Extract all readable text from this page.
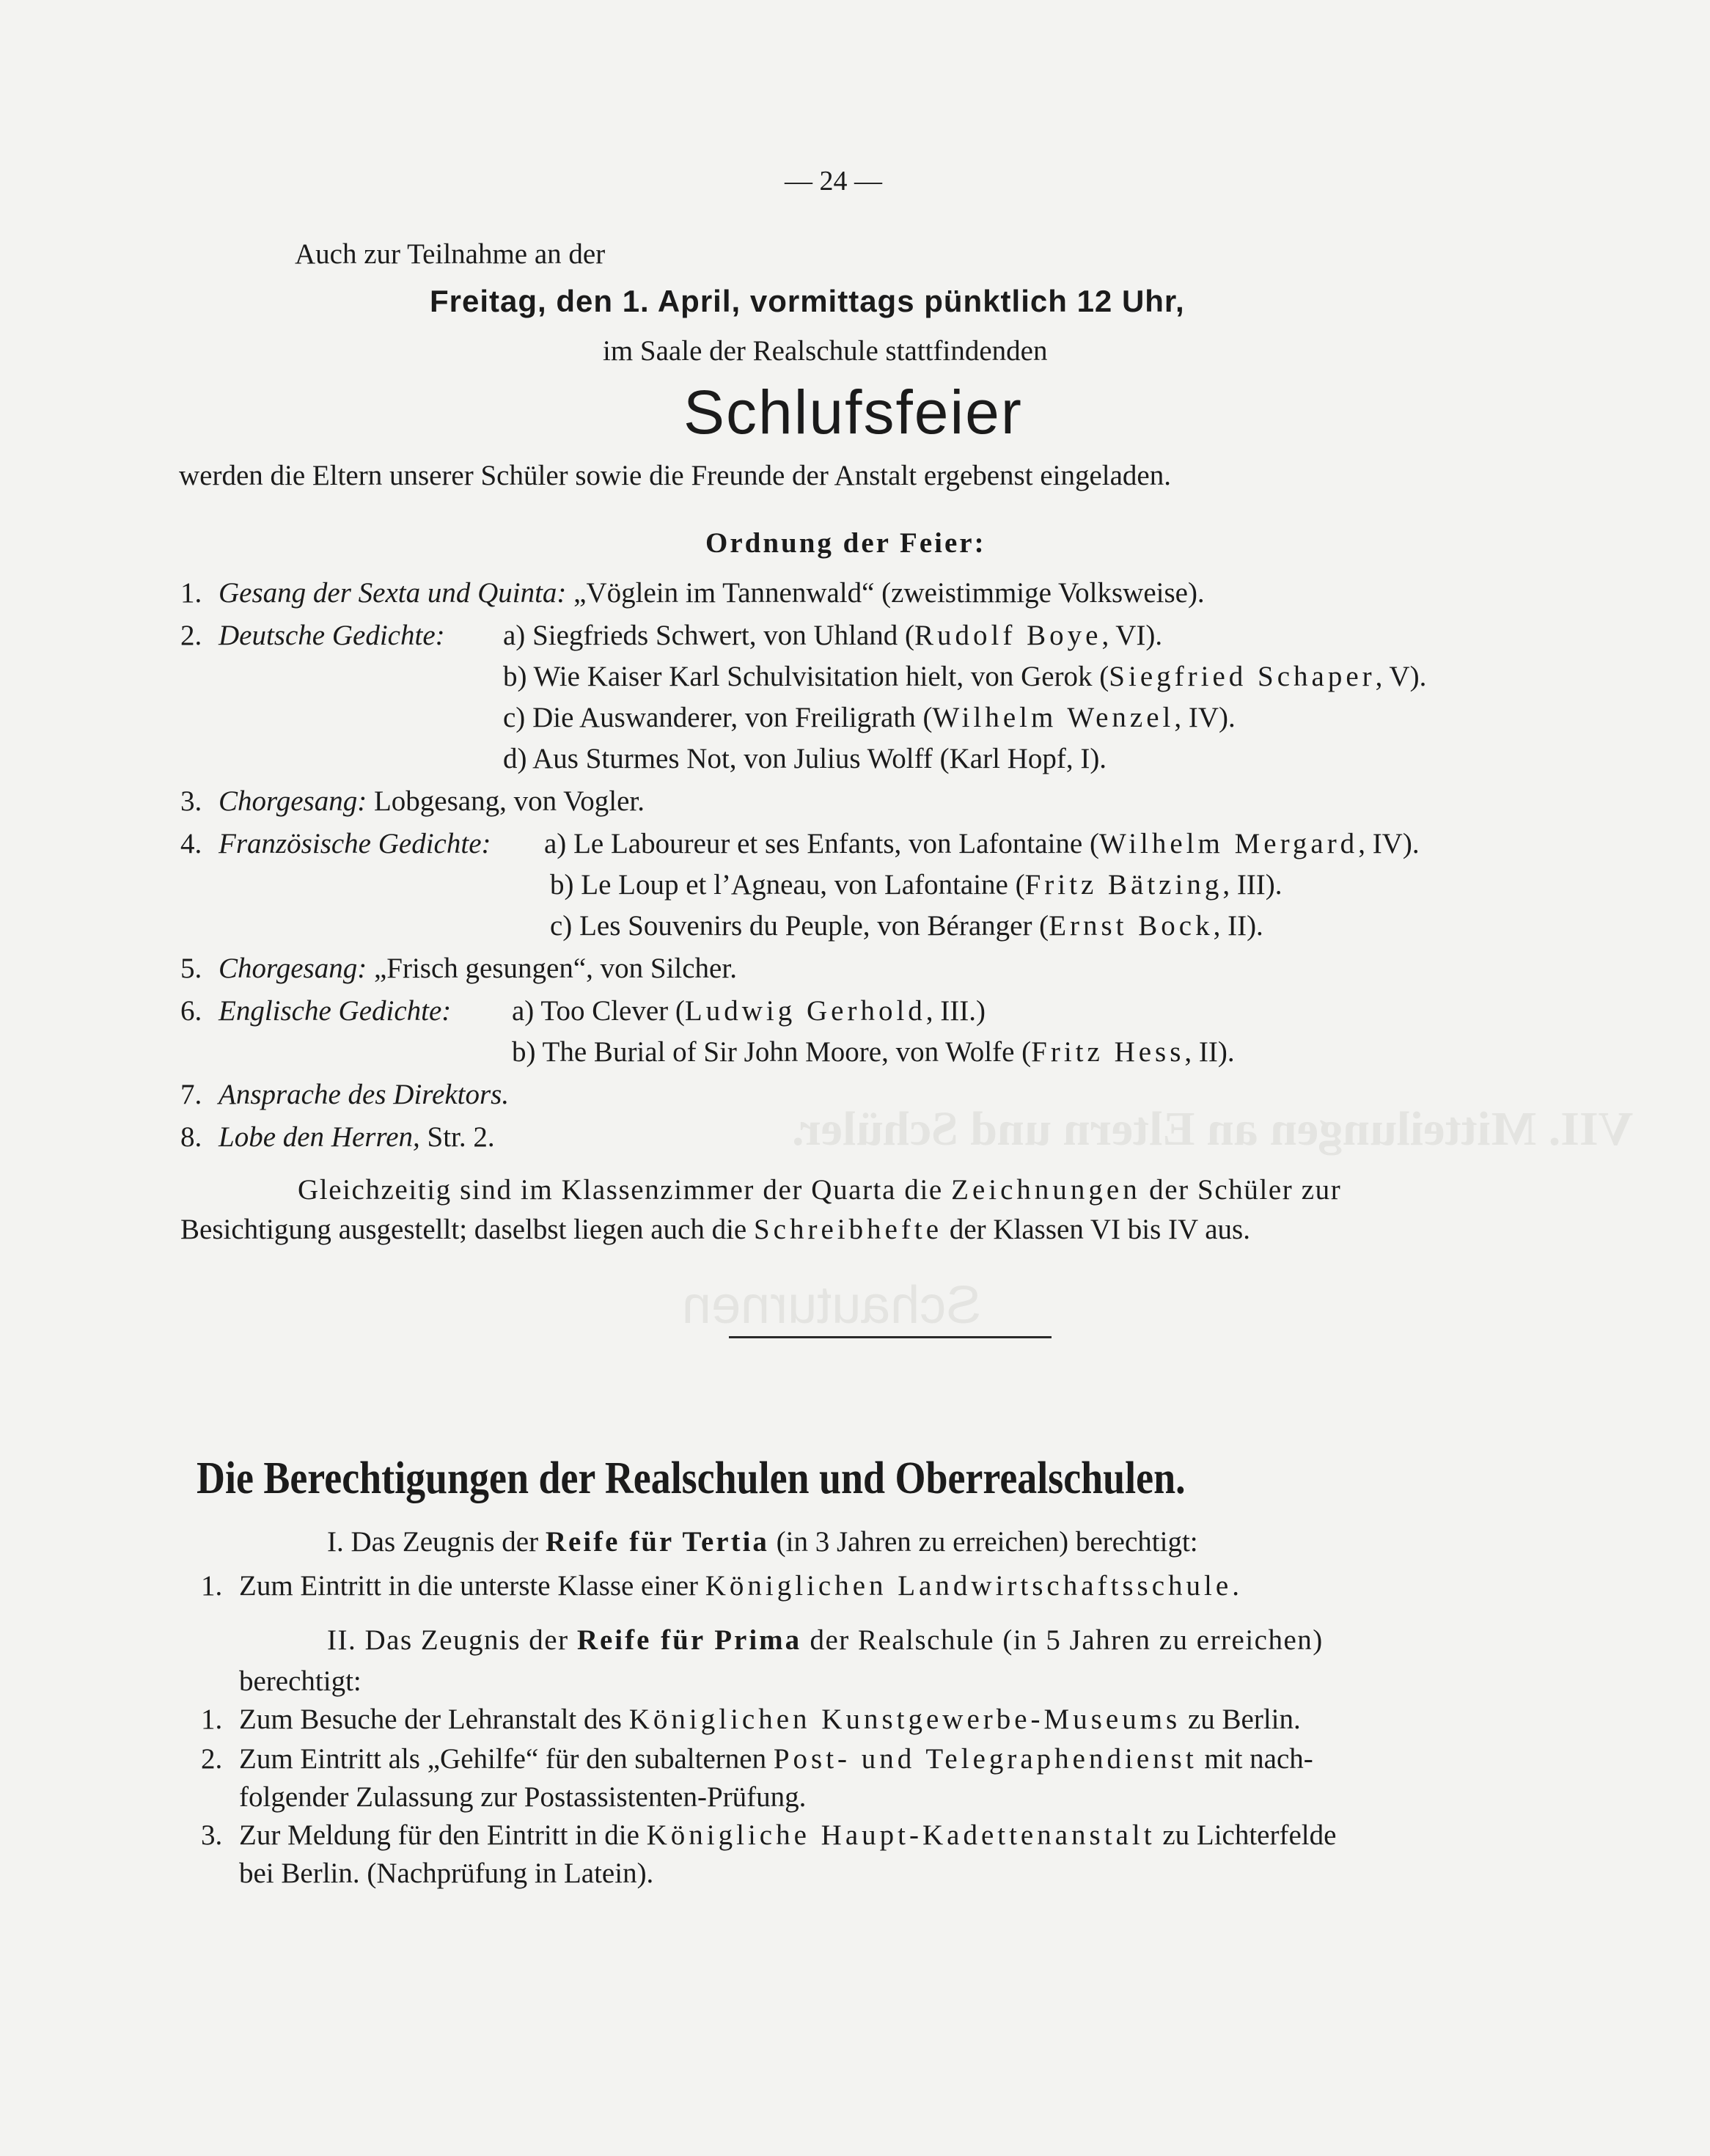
VII. Mitteilungen an Eltern und Schüler.
Schauturnen
— 24 —
Auch zur Teilnahme an der
Freitag, den 1. April, vormittags pünktlich 12 Uhr,
im Saale der Realschule stattfindenden
Schlufsfeier
werden die Eltern unserer Schüler sowie die Freunde der Anstalt ergebenst eingeladen.
Ordnung der Feier:
1. Gesang der Sexta und Quinta: „Vöglein im Tannenwald“ (zweistimmige Volksweise).
2. Deutsche Gedichte: a) Siegfrieds Schwert, von Uhland (Rudolf Boye, VI).
b) Wie Kaiser Karl Schulvisitation hielt, von Gerok (Siegfried Schaper, V).
c) Die Auswanderer, von Freiligrath (Wilhelm Wenzel, IV).
d) Aus Sturmes Not, von Julius Wolff (Karl Hopf, I).
3. Chorgesang: Lobgesang, von Vogler.
4. Französische Gedichte: a) Le Laboureur et ses Enfants, von Lafontaine (Wilhelm Mergard, IV).
b) Le Loup et l’Agneau, von Lafontaine (Fritz Bätzing, III).
c) Les Souvenirs du Peuple, von Béranger (Ernst Bock, II).
5. Chorgesang: „Frisch gesungen“, von Silcher.
6. Englische Gedichte: a) Too Clever (Ludwig Gerhold, III.)
b) The Burial of Sir John Moore, von Wolfe (Fritz Hess, II).
7. Ansprache des Direktors.
8. Lobe den Herren, Str. 2.
Gleichzeitig sind im Klassenzimmer der Quarta die Zeichnungen der Schüler zur
Besichtigung ausgestellt; daselbst liegen auch die Schreibhefte der Klassen VI bis IV aus.
Die Berechtigungen der Realschulen und Oberrealschulen.
I. Das Zeugnis der Reife für Tertia (in 3 Jahren zu erreichen) berechtigt:
1. Zum Eintritt in die unterste Klasse einer Königlichen Landwirtschaftsschule.
II. Das Zeugnis der Reife für Prima der Realschule (in 5 Jahren zu erreichen)
berechtigt:
1. Zum Besuche der Lehranstalt des Königlichen Kunstgewerbe-Museums zu Berlin.
2. Zum Eintritt als „Gehilfe“ für den subalternen Post- und Telegraphendienst mit nach-
folgender Zulassung zur Postassistenten-Prüfung.
3. Zur Meldung für den Eintritt in die Königliche Haupt-Kadettenanstalt zu Lichterfelde
bei Berlin. (Nachprüfung in Latein).
